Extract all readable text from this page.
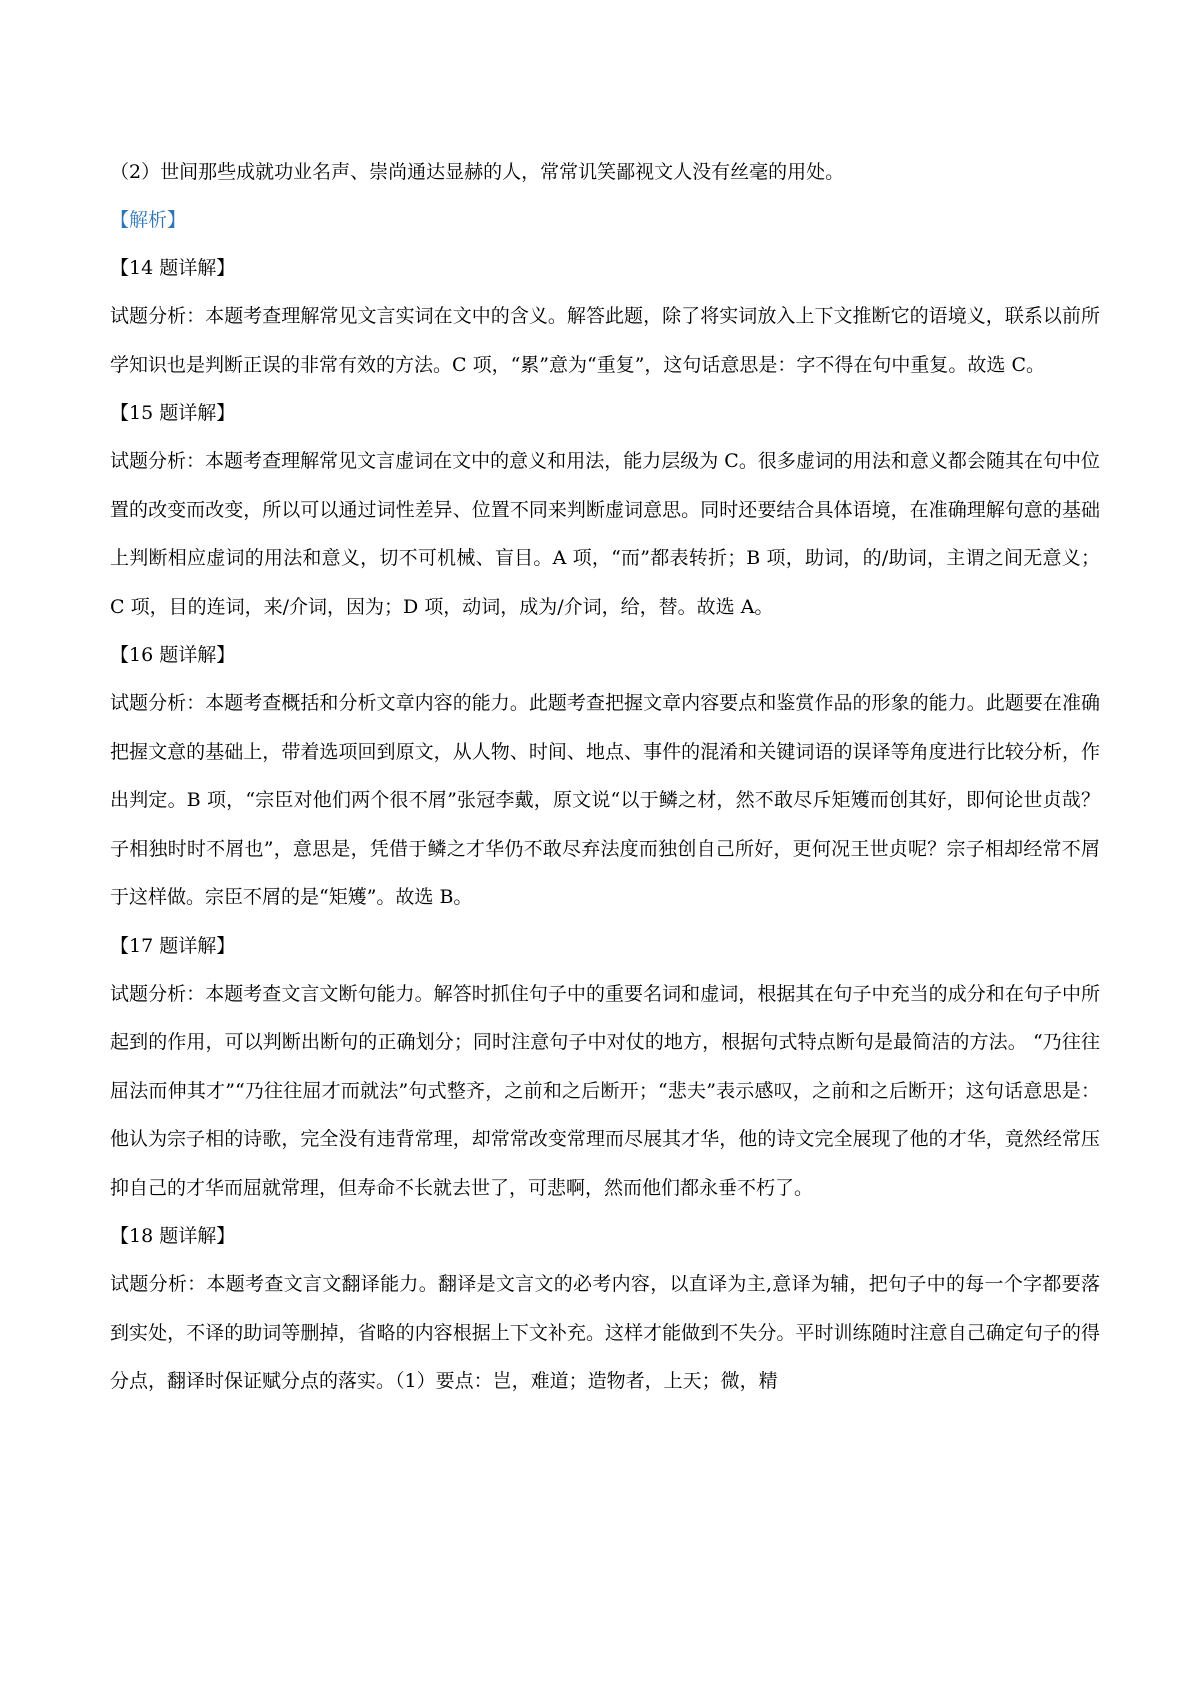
（2）世间那些成就功业名声、崇尚通达显赫的人，常常讥笑鄙视文人没有丝毫的用处。

【解析】

【14 题详解】

试题分析：本题考查理解常见文言实词在文中的含义。解答此题，除了将实词放入上下文推断它的语境义，联系以前所学知识也是判断正误的非常有效的方法。C 项，“累”意为“重复”，这句话意思是：字不得在句中重复。故选 C。

【15 题详解】

试题分析：本题考查理解常见文言虚词在文中的意义和用法，能力层级为 C。很多虚词的用法和意义都会随其在句中位置的改变而改变，所以可以通过词性差异、位置不同来判断虚词意思。同时还要结合具体语境，在准确理解句意的基础上判断相应虚词的用法和意义，切不可机械、盲目。A 项，“而”都表转折；B 项，助词，的/助词，主谓之间无意义；C 项，目的连词，来/介词，因为；D 项，动词，成为/介词，给，替。故选 A。

【16 题详解】

试题分析：本题考查概括和分析文章内容的能力。此题考查把握文章内容要点和鉴赏作品的形象的能力。此题要在准确把握文意的基础上，带着选项回到原文，从人物、时间、地点、事件的混淆和关键词语的误译等角度进行比较分析，作出判定。B 项，“宗臣对他们两个很不屑”张冠李戴，原文说“以于鳞之材，然不敢尽斥矩矱而创其好，即何论世贞哉？子相独时时不屑也”，意思是，凭借于鳞之才华仍不敢尽弃法度而独创自己所好，更何况王世贞呢？宗子相却经常不屑于这样做。宗臣不屑的是“矩矱”。故选 B。

【17 题详解】

试题分析：本题考查文言文断句能力。解答时抓住句子中的重要名词和虚词，根据其在句子中充当的成分和在句子中所起到的作用，可以判断出断句的正确划分；同时注意句子中对仗的地方，根据句式特点断句是最简洁的方法。 “乃往往屈法而伸其才”“乃往往屈才而就法”句式整齐，之前和之后断开；“悲夫”表示感叹，之前和之后断开；这句话意思是：他认为宗子相的诗歌，完全没有违背常理，却常常改变常理而尽展其才华，他的诗文完全展现了他的才华，竟然经常压抑自己的才华而屈就常理，但寿命不长就去世了，可悲啊，然而他们都永垂不朽了。

【18 题详解】

试题分析：本题考查文言文翻译能力。翻译是文言文的必考内容，以直译为主,意译为辅，把句子中的每一个字都要落到实处，不译的助词等删掉，省略的内容根据上下文补充。这样才能做到不失分。平时训练随时注意自己确定句子的得分点，翻译时保证赋分点的落实。（1）要点：岂，难道；造物者，上天；微，精
